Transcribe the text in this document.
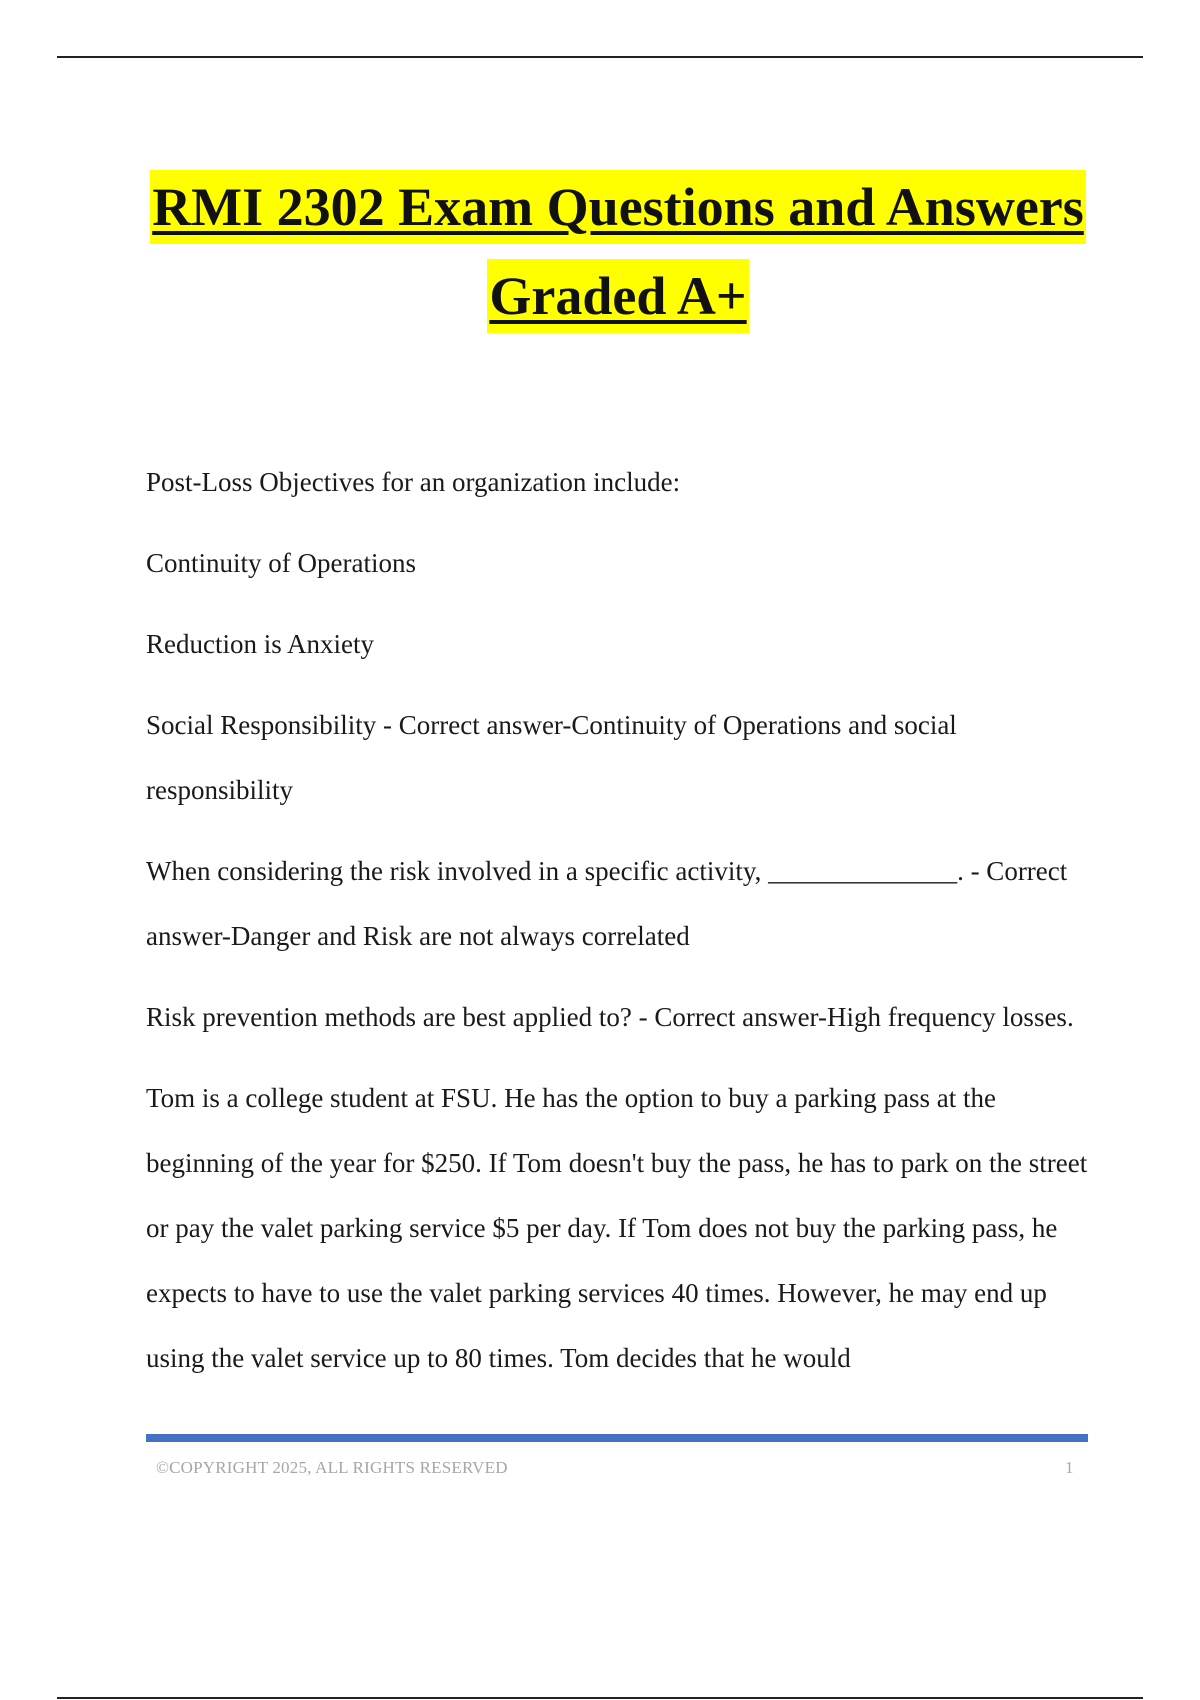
RMI 2302 Exam Questions and Answers
Graded A+

Post-Loss Objectives for an organization include:

Continuity of Operations

Reduction is Anxiety

Social Responsibility - Correct answer-Continuity of Operations and social responsibility

When considering the risk involved in a specific activity, ______________. - Correct answer-Danger and Risk are not always correlated

Risk prevention methods are best applied to? - Correct answer-High frequency losses.

Tom is a college student at FSU. He has the option to buy a parking pass at the beginning of the year for $250. If Tom doesn't buy the pass, he has to park on the street or pay the valet parking service $5 per day. If Tom does not buy the parking pass, he expects to have to use the valet parking services 40 times. However, he may end up using the valet service up to 80 times. Tom decides that he would

©COPYRIGHT 2025, ALL RIGHTS RESERVED	1
